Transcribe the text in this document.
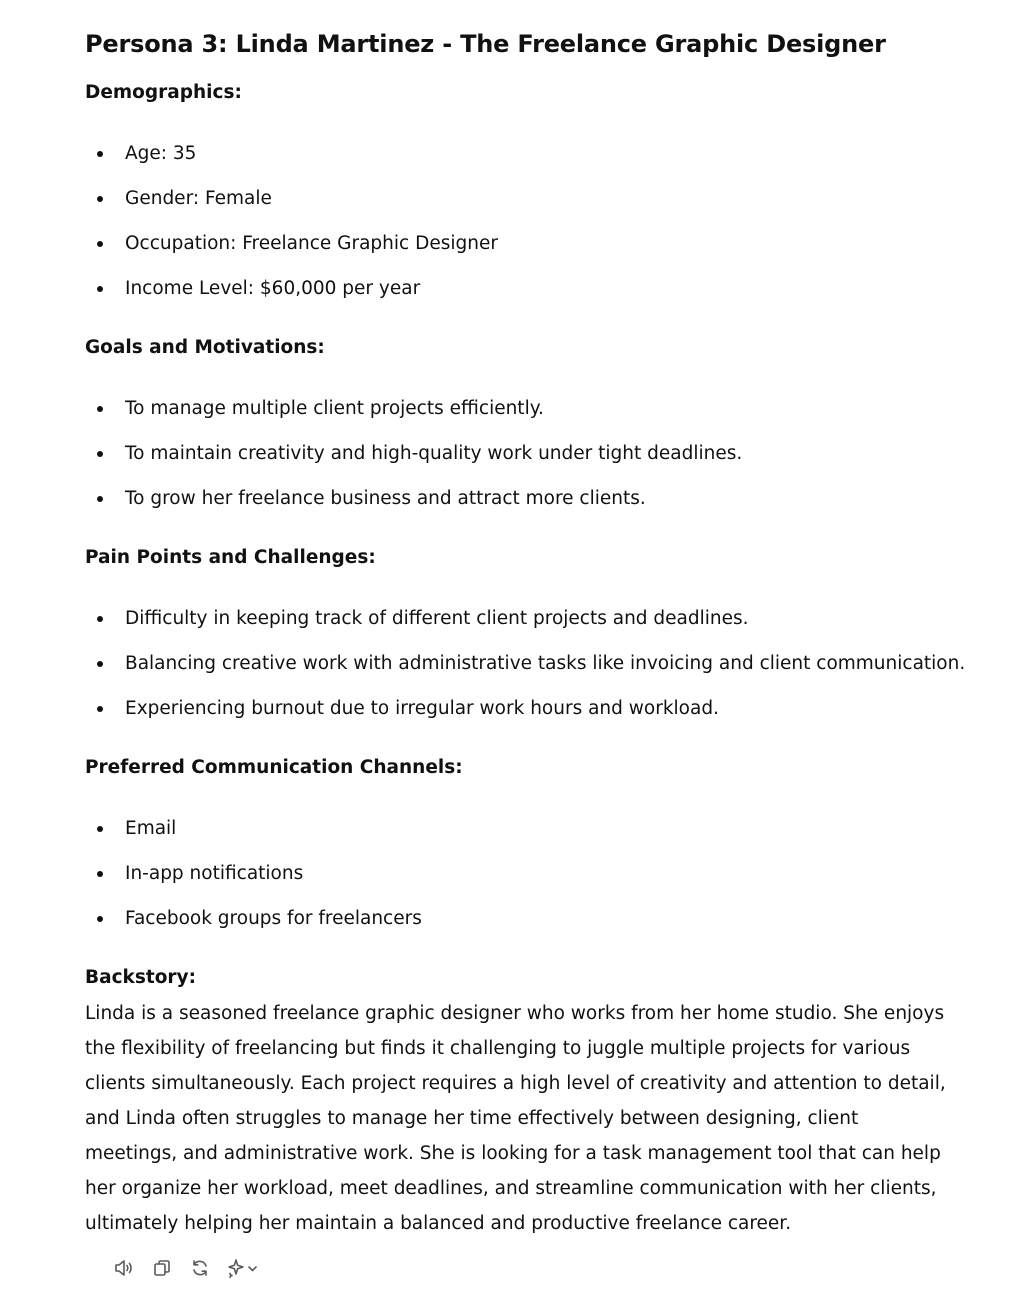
Persona 3: Linda Martinez - The Freelance Graphic Designer
Demographics:
Age: 35
Gender: Female
Occupation: Freelance Graphic Designer
Income Level: $60,000 per year
Goals and Motivations:
To manage multiple client projects efficiently.
To maintain creativity and high-quality work under tight deadlines.
To grow her freelance business and attract more clients.
Pain Points and Challenges:
Difficulty in keeping track of different client projects and deadlines.
Balancing creative work with administrative tasks like invoicing and client communication.
Experiencing burnout due to irregular work hours and workload.
Preferred Communication Channels:
Email
In-app notifications
Facebook groups for freelancers
Backstory:

Linda is a seasoned freelance graphic designer who works from her home studio. She enjoys the flexibility of freelancing but finds it challenging to juggle multiple projects for various clients simultaneously. Each project requires a high level of creativity and attention to detail, and Linda often struggles to manage her time effectively between designing, client meetings, and administrative work. She is looking for a task management tool that can help her organize her workload, meet deadlines, and streamline communication with her clients, ultimately helping her maintain a balanced and productive freelance career.
